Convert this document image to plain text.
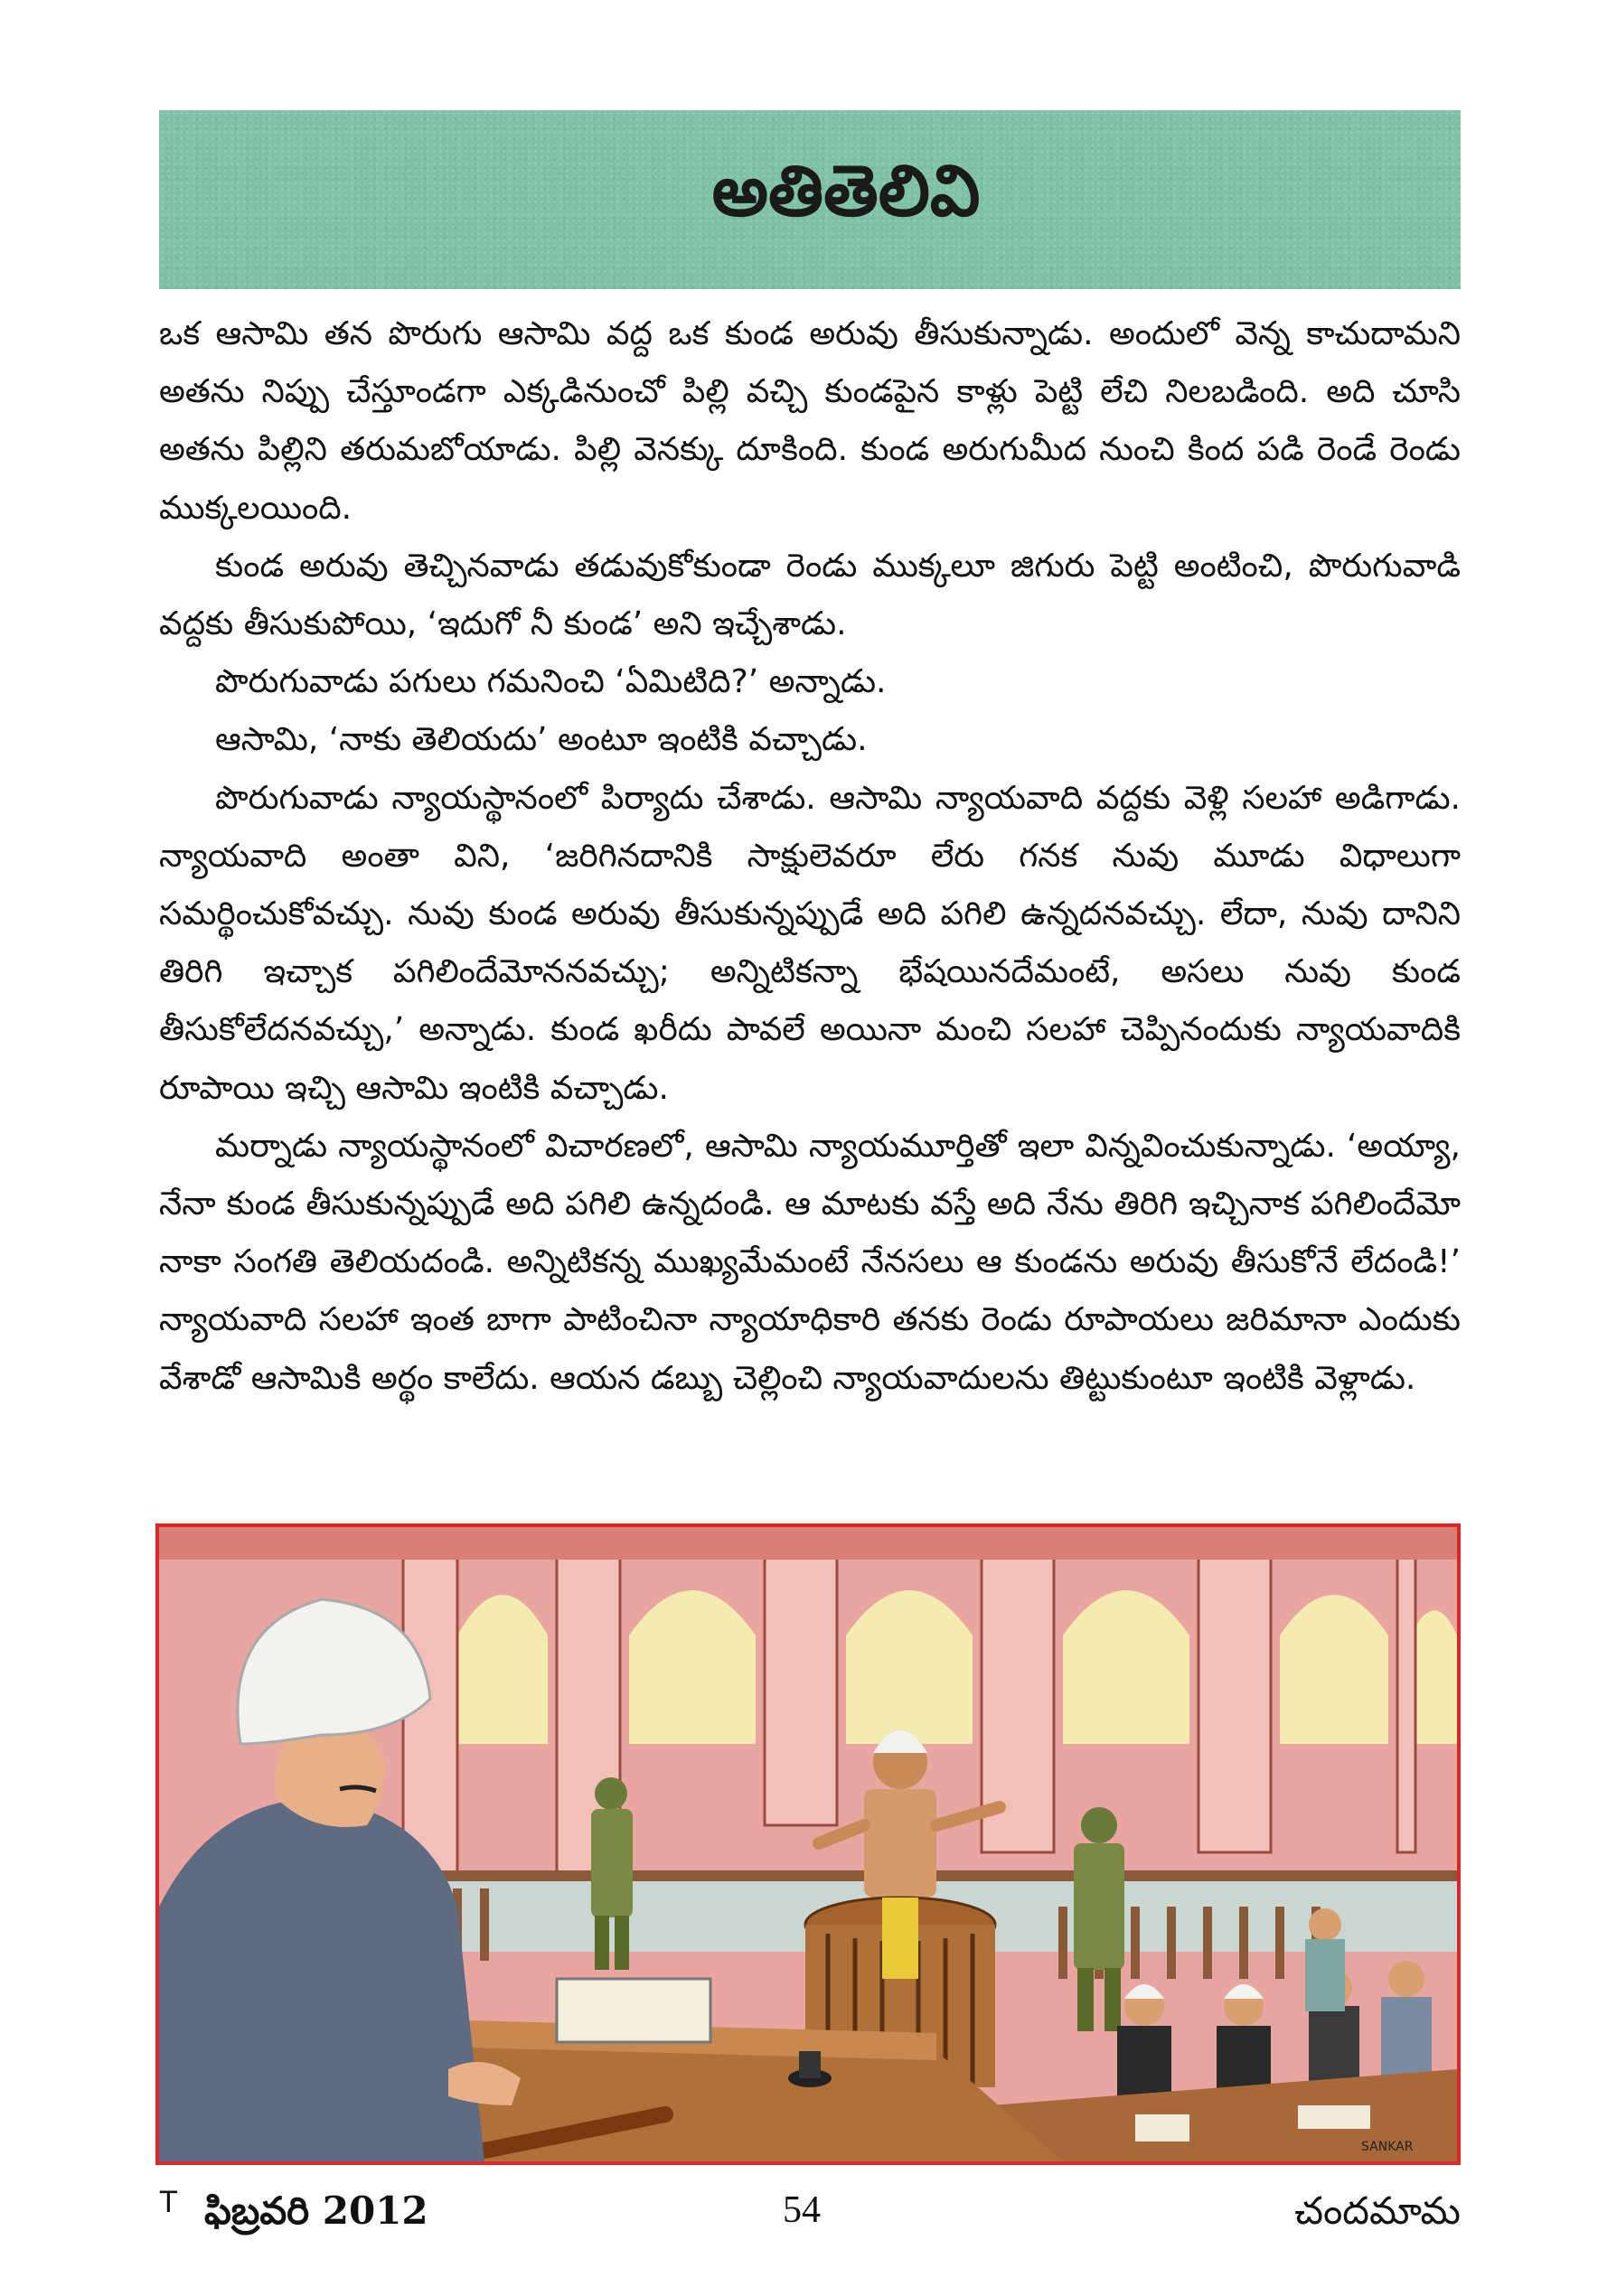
అతితెలివి

ఒక ఆసామి తన పొరుగు ఆసామి వద్ద ఒక కుండ అరువు తీసుకున్నాడు. అందులో వెన్న కాచుదామని అతను నిప్పు చేస్తూండగా ఎక్కడినుంచో పిల్లి వచ్చి కుండపైన కాళ్లు పెట్టి లేచి నిలబడింది. అది చూసి అతను పిల్లిని తరుమబోయాడు. పిల్లి వెనక్కు దూకింది. కుండ అరుగుమీద నుంచి కింద పడి రెండే రెండు ముక్కలయింది.

కుండ అరువు తెచ్చినవాడు తడువుకోకుండా రెండు ముక్కలూ జిగురు పెట్టి అంటించి, పొరుగువాడి వద్దకు తీసుకుపోయి, ‘ఇదుగో నీ కుండ’ అని ఇచ్చేశాడు.

పొరుగువాడు పగులు గమనించి ‘ఏమిటిది?’ అన్నాడు.

ఆసామి, ‘నాకు తెలియదు’ అంటూ ఇంటికి వచ్చాడు.

పొరుగువాడు న్యాయస్థానంలో పిర్యాదు చేశాడు. ఆసామి న్యాయవాది వద్దకు వెళ్లి సలహా అడిగాడు. న్యాయవాది అంతా విని, ‘జరిగినదానికి సాక్షులెవరూ లేరు గనక నువు మూడు విధాలుగా సమర్థించుకోవచ్చు. నువు కుండ అరువు తీసుకున్నప్పుడే అది పగిలి ఉన్నదనవచ్చు. లేదా, నువు దానిని తిరిగి ఇచ్చాక పగిలిందేమోననవచ్చు; అన్నిటికన్నా భేషయినదేమంటే, అసలు నువు కుండ తీసుకోలేదనవచ్చు,’ అన్నాడు. కుండ ఖరీదు పావలే అయినా మంచి సలహా చెప్పినందుకు న్యాయవాదికి రూపాయి ఇచ్చి ఆసామి ఇంటికి వచ్చాడు.

మర్నాడు న్యాయస్థానంలో విచారణలో, ఆసామి న్యాయమూర్తితో ఇలా విన్నవించుకున్నాడు. ‘అయ్యా, నేనా కుండ తీసుకున్నప్పుడే అది పగిలి ఉన్నదండి. ఆ మాటకు వస్తే అది నేను తిరిగి ఇచ్చినాక పగిలిందేమో నాకా సంగతి తెలియదండి. అన్నిటికన్న ముఖ్యమేమంటే నేనసలు ఆ కుండను అరువు తీసుకోనే లేదండి!’ న్యాయవాది సలహా ఇంత బాగా పాటించినా న్యాయాధికారి తనకు రెండు రూపాయలు జరిమానా ఎందుకు వేశాడో ఆసామికి అర్థం కాలేదు. ఆయన డబ్బు చెల్లించి న్యాయవాదులను తిట్టుకుంటూ ఇంటికి వెళ్లాడు.

SANKAR
T ఫిబ్రవరి 2012	54	చందమామ
